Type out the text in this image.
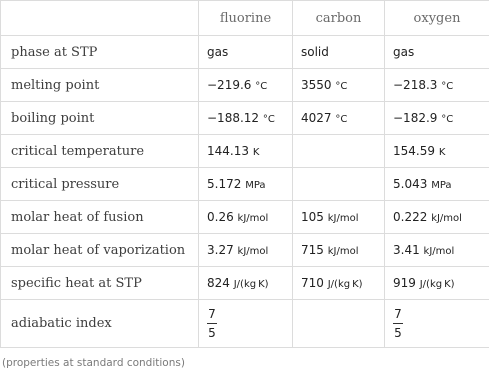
	fluorine	carbon	oxygen
phase at STP	gas	solid	gas
melting point	−219.6 °C	3550 °C	−218.3 °C
boiling point	−188.12 °C	4027 °C	−182.9 °C
critical temperature	144.13 K		154.59 K
critical pressure	5.172 MPa		5.043 MPa
molar heat of fusion	0.26 kJ/mol	105 kJ/mol	0.222 kJ/mol
molar heat of vaporization	3.27 kJ/mol	715 kJ/mol	3.41 kJ/mol
specific heat at STP	824 J/(kg K)	710 J/(kg K)	919 J/(kg K)
adiabatic index	$\frac{7}{5}$		$\frac{7}{5}$
(properties at standard conditions)
